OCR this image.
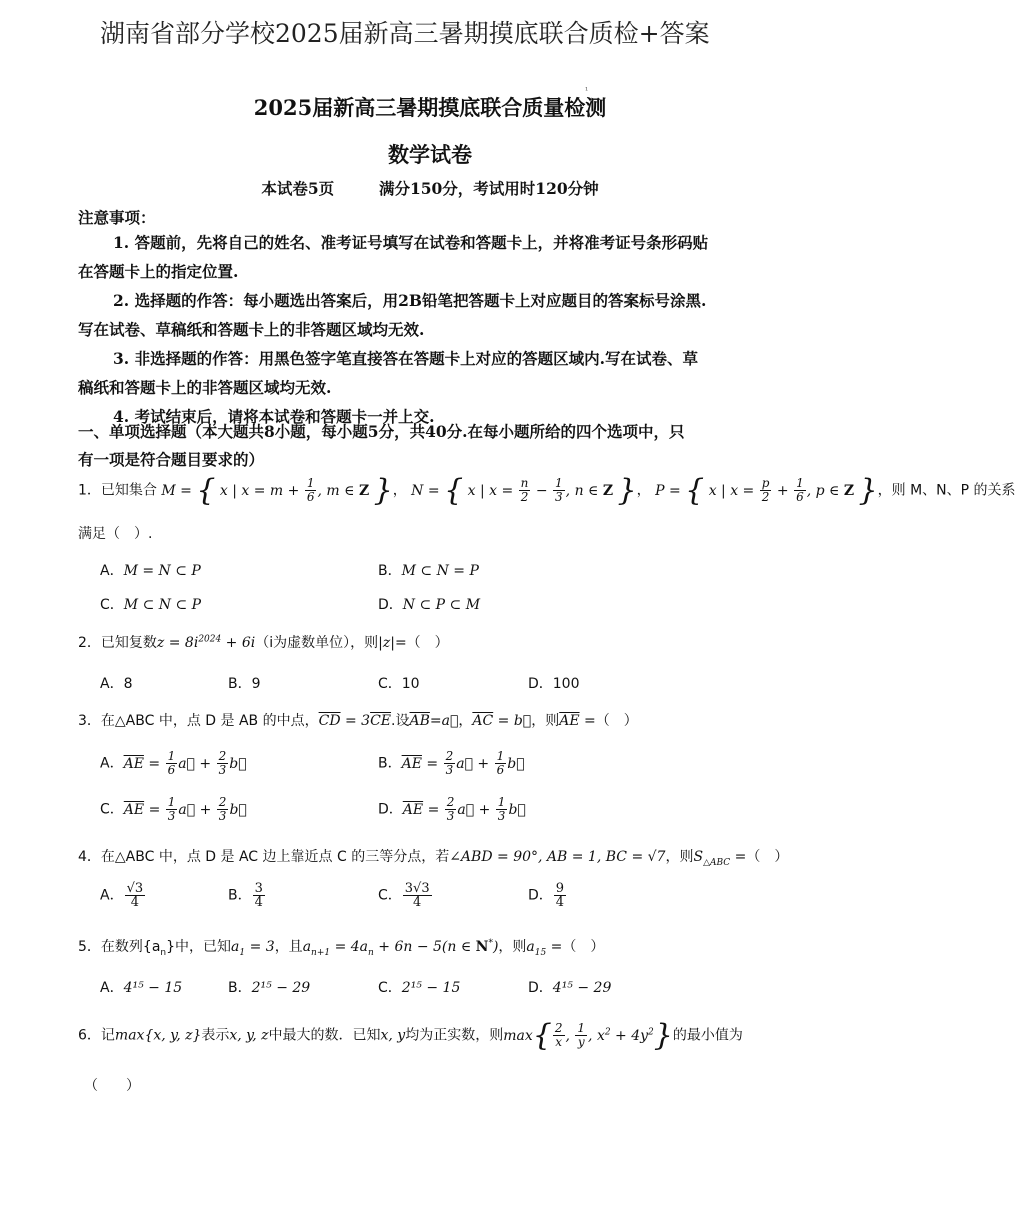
湖南省部分学校2025届新高三暑期摸底联合质检+答案
¹
2025届新高三暑期摸底联合质量检测
数学试卷
本试卷5页	满分150分，考试用时120分钟
注意事项：
1. 答题前，先将自己的姓名、准考证号填写在试卷和答题卡上，并将准考证号条形码贴
在答题卡上的指定位置.
2. 选择题的作答：每小题选出答案后，用2B铅笔把答题卡上对应题目的答案标号涂黑.
写在试卷、草稿纸和答题卡上的非答题区域均无效.
3. 非选择题的作答：用黑色签字笔直接答在答题卡上对应的答题区域内.写在试卷、草
稿纸和答题卡上的非答题区域均无效.
4. 考试结束后，请将本试卷和答题卡一并上交.
一、单项选择题（本大题共8小题，每小题5分，共40分.在每小题所给的四个选项中，只
有一项是符合题目要求的）
1．已知集合 M = { x | $x = m + \frac{1}{6}$ , m ∈ Z }， N = { x | $x = \frac{n}{2} - \frac{1}{3}$ , n ∈ Z }， P = { x | $x = \frac{p}{2} + \frac{1}{6}$ , p ∈ Z }，则 M、N、P 的关系
满足（　）.
A．M = N ⊂ P	B．M ⊂ N = P
C．M ⊂ N ⊂ P	D．N ⊂ P ⊂ M
2．已知复数$z = 8i^{2024} + 6i(i$为虚数单位），则|z|=（　）
A．8	B．9	C．10	D．100
3．在△ABC 中，点 D 是 AB 的中点，$\overline{CD} = 3\overline{CE}$.设$\overline{AB}=a⃗$，$\overline{AC}$ = b⃗，则$\overline{AE}$ =（　）
A．$\overline{AE} = \frac{1}{6}$ a⃗ + $\frac{2}{3}$ b⃗	B．$\overline{AE} = \frac{2}{3}$ a⃗ + $\frac{1}{6}$ b⃗
C．$\overline{AE} = \frac{1}{3}$ a⃗ + $\frac{2}{3}$ b⃗	D．$\overline{AE} = \frac{2}{3}$ a⃗ + $\frac{1}{3}$ b⃗
4．在△ABC 中，点 D 是 AC 边上靠近点 C 的三等分点，若∠ABD = 90°, AB = 1, BC = √7，则$S_{\triangle ABC}$ =（　）
A． $\frac{√3}{4}$	B． $\frac{3}{4}$	C． $\frac{3√3}{4}$	D． $\frac{9}{4}$
5．在数列$\{a_n\}$中，已知$a_1 = 3$，且$a_{n+1} = 4a_n + 6n - 5(n$ ∈ N*)，则$a_{15}$ =（　）
A．4¹⁵ − 15	B．2¹⁵ − 29	C．2¹⁵ − 15	D．4¹⁵ − 29
6．记max{x, y, z}表示x, y, z中最大的数．已知x, y均为正实数，则$\max\{ \frac{2}{x}$ , $\frac{1}{y}$ , $x^2 + 4y^2$}的最小值为
（　　）
